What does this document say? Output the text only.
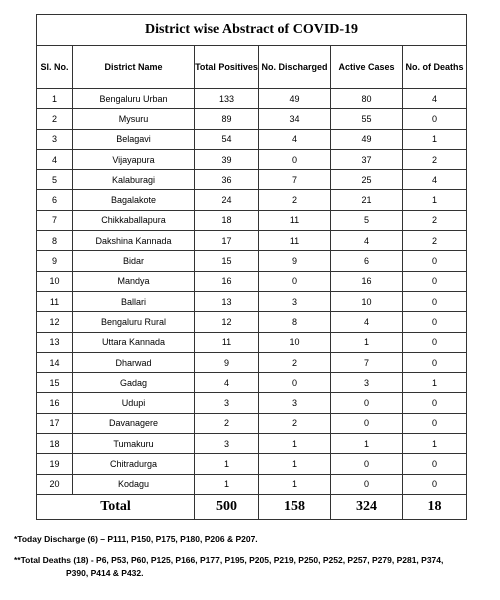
District wise Abstract of COVID-19					
Sl. No.	District Name	Total Positives	No. Discharged	Active Cases	No. of Deaths
1	Bengaluru Urban	133	49	80	4
2	Mysuru	89	34	55	0
3	Belagavi	54	4	49	1
4	Vijayapura	39	0	37	2
5	Kalaburagi	36	7	25	4
6	Bagalakote	24	2	21	1
7	Chikkaballapura	18	11	5	2
8	Dakshina Kannada	17	11	4	2
9	Bidar	15	9	6	0
10	Mandya	16	0	16	0
11	Ballari	13	3	10	0
12	Bengaluru Rural	12	8	4	0
13	Uttara Kannada	11	10	1	0
14	Dharwad	9	2	7	0
15	Gadag	4	0	3	1
16	Udupi	3	3	0	0
17	Davanagere	2	2	0	0
18	Tumakuru	3	1	1	1
19	Chitradurga	1	1	0	0
20	Kodagu	1	1	0	0
Total		500	158	324	18
*Today Discharge (6) – P111, P150, P175, P180, P206 & P207.
**Total Deaths (18) - P6, P53, P60, P125, P166, P177, P195, P205, P219, P250, P252, P257, P279, P281, P374,
P390, P414 & P432.
